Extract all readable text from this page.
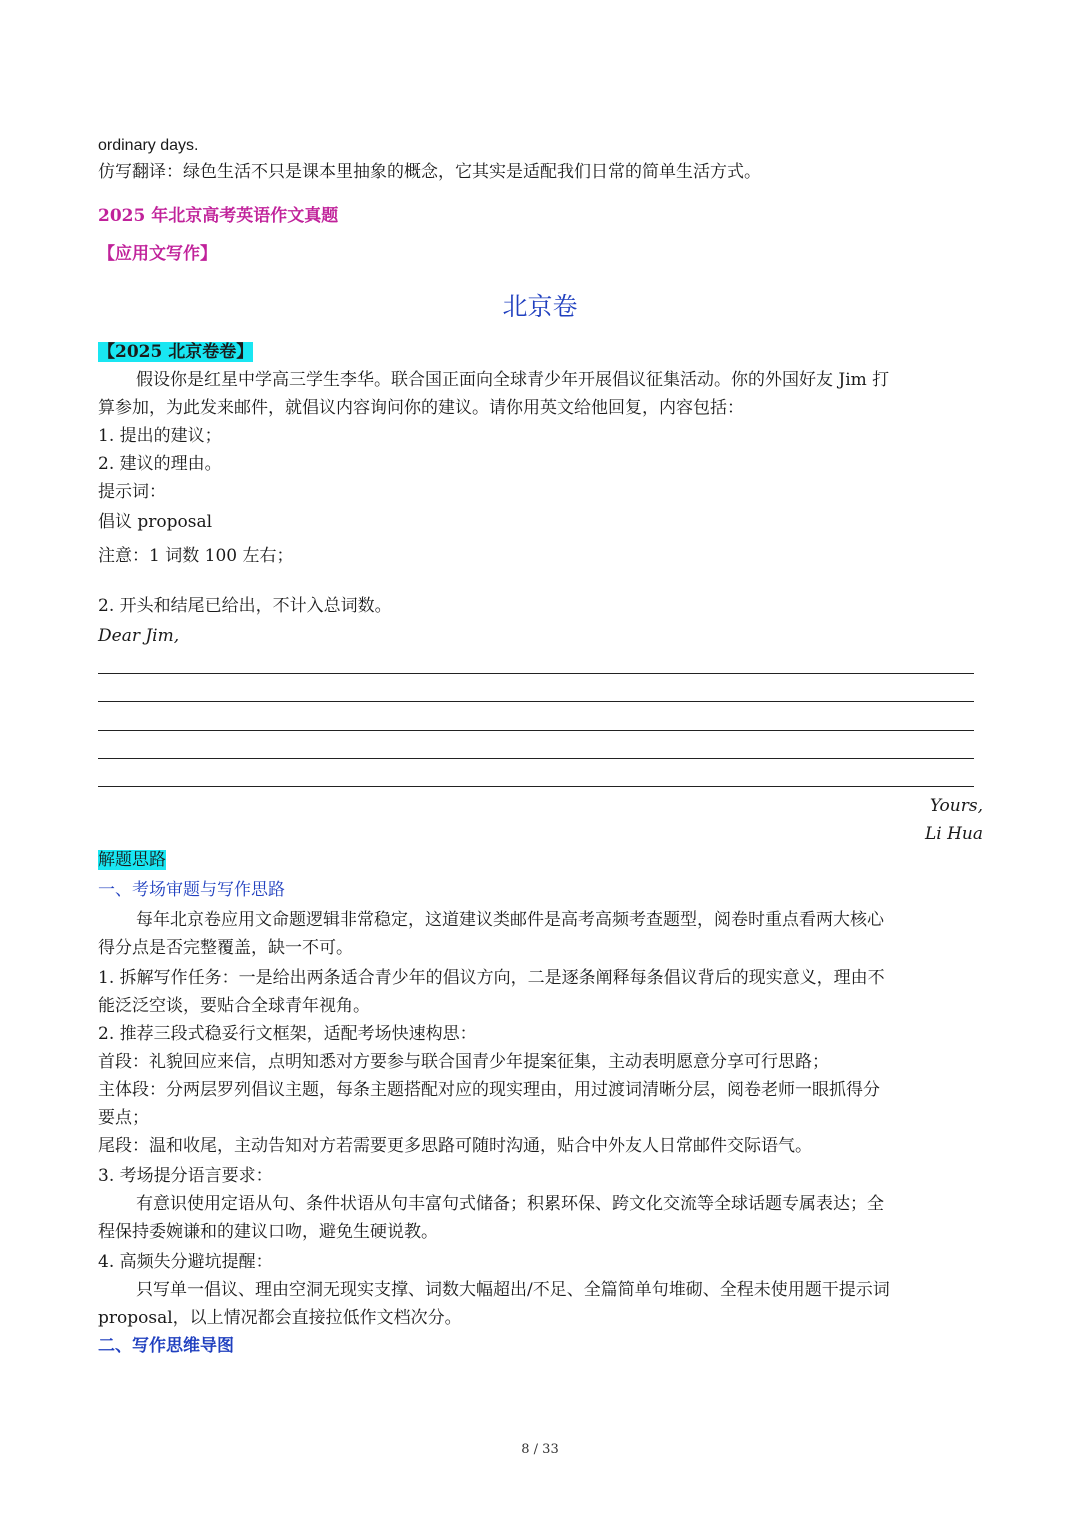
ordinary days.
仿写翻译：绿色生活不只是课本里抽象的概念，它其实是适配我们日常的简单生活方式。
2025 年北京高考英语作文真题
【应用文写作】
北京卷
【2025 北京卷卷】
假设你是红星中学高三学生李华。联合国正面向全球青少年开展倡议征集活动。你的外国好友 Jim 打
算参加，为此发来邮件，就倡议内容询问你的建议。请你用英文给他回复，内容包括：
1. 提出的建议；
2. 建议的理由。
提示词：
倡议 proposal
注意：1 词数 100 左右；
2. 开头和结尾已给出，不计入总词数。
Dear Jim,
Yours,
Li Hua
解题思路
一、考场审题与写作思路
每年北京卷应用文命题逻辑非常稳定，这道建议类邮件是高考高频考查题型，阅卷时重点看两大核心
得分点是否完整覆盖，缺一不可。
1. 拆解写作任务：一是给出两条适合青少年的倡议方向，二是逐条阐释每条倡议背后的现实意义，理由不
能泛泛空谈，要贴合全球青年视角。
2. 推荐三段式稳妥行文框架，适配考场快速构思：
首段：礼貌回应来信，点明知悉对方要参与联合国青少年提案征集，主动表明愿意分享可行思路；
主体段：分两层罗列倡议主题，每条主题搭配对应的现实理由，用过渡词清晰分层，阅卷老师一眼抓得分
要点；
尾段：温和收尾，主动告知对方若需要更多思路可随时沟通，贴合中外友人日常邮件交际语气。
3. 考场提分语言要求：
有意识使用定语从句、条件状语从句丰富句式储备；积累环保、跨文化交流等全球话题专属表达；全
程保持委婉谦和的建议口吻，避免生硬说教。
4. 高频失分避坑提醒：
只写单一倡议、理由空洞无现实支撑、词数大幅超出/不足、全篇简单句堆砌、全程未使用题干提示词
proposal，以上情况都会直接拉低作文档次分。
二、写作思维导图
8 / 33
